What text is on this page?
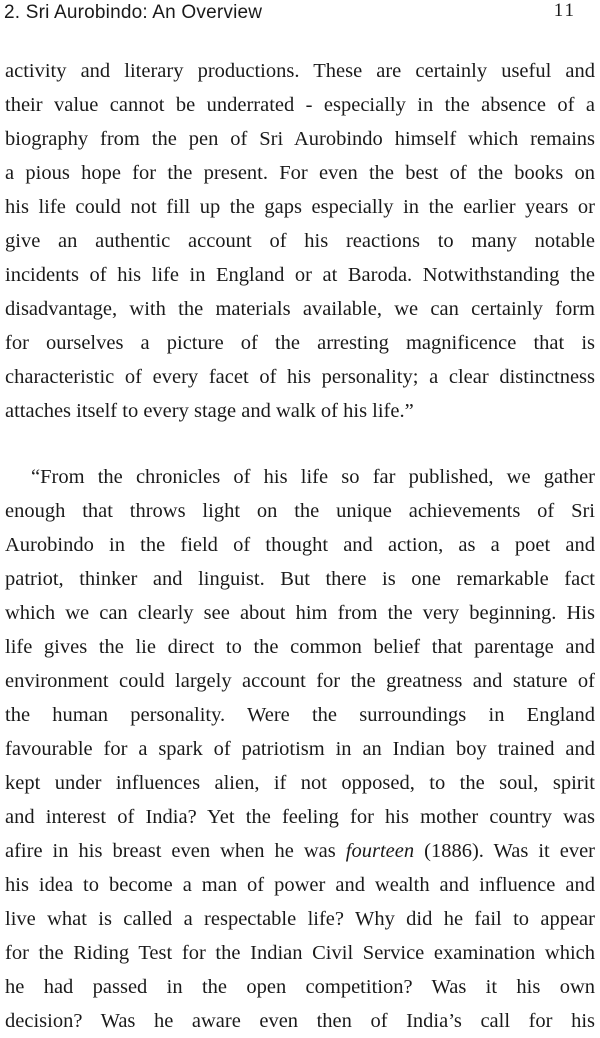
2. Sri Aurobindo: An Overview	11
activity and literary productions. These are certainly useful and
their value cannot be underrated - especially in the absence of a
biography from the pen of Sri Aurobindo himself which remains
a pious hope for the present. For even the best of the books on
his life could not fill up the gaps especially in the earlier years or
give an authentic account of his reactions to many notable
incidents of his life in England or at Baroda. Notwithstanding the
disadvantage, with the materials available, we can certainly form
for ourselves a picture of the arresting magnificence that is
characteristic of every facet of his personality; a clear distinctness
attaches itself to every stage and walk of his life.”
“From the chronicles of his life so far published, we gather
enough that throws light on the unique achievements of Sri
Aurobindo in the field of thought and action, as a poet and
patriot, thinker and linguist. But there is one remarkable fact
which we can clearly see about him from the very beginning. His
life gives the lie direct to the common belief that parentage and
environment could largely account for the greatness and stature of
the human personality. Were the surroundings in England
favourable for a spark of patriotism in an Indian boy trained and
kept under influences alien, if not opposed, to the soul, spirit
and interest of India? Yet the feeling for his mother country was
afire in his breast even when he was fourteen (1886). Was it ever
his idea to become a man of power and wealth and influence and
live what is called a respectable life? Why did he fail to appear
for the Riding Test for the Indian Civil Service examination which
he had passed in the open competition? Was it his own
decision? Was he aware even then of India’s call for his
